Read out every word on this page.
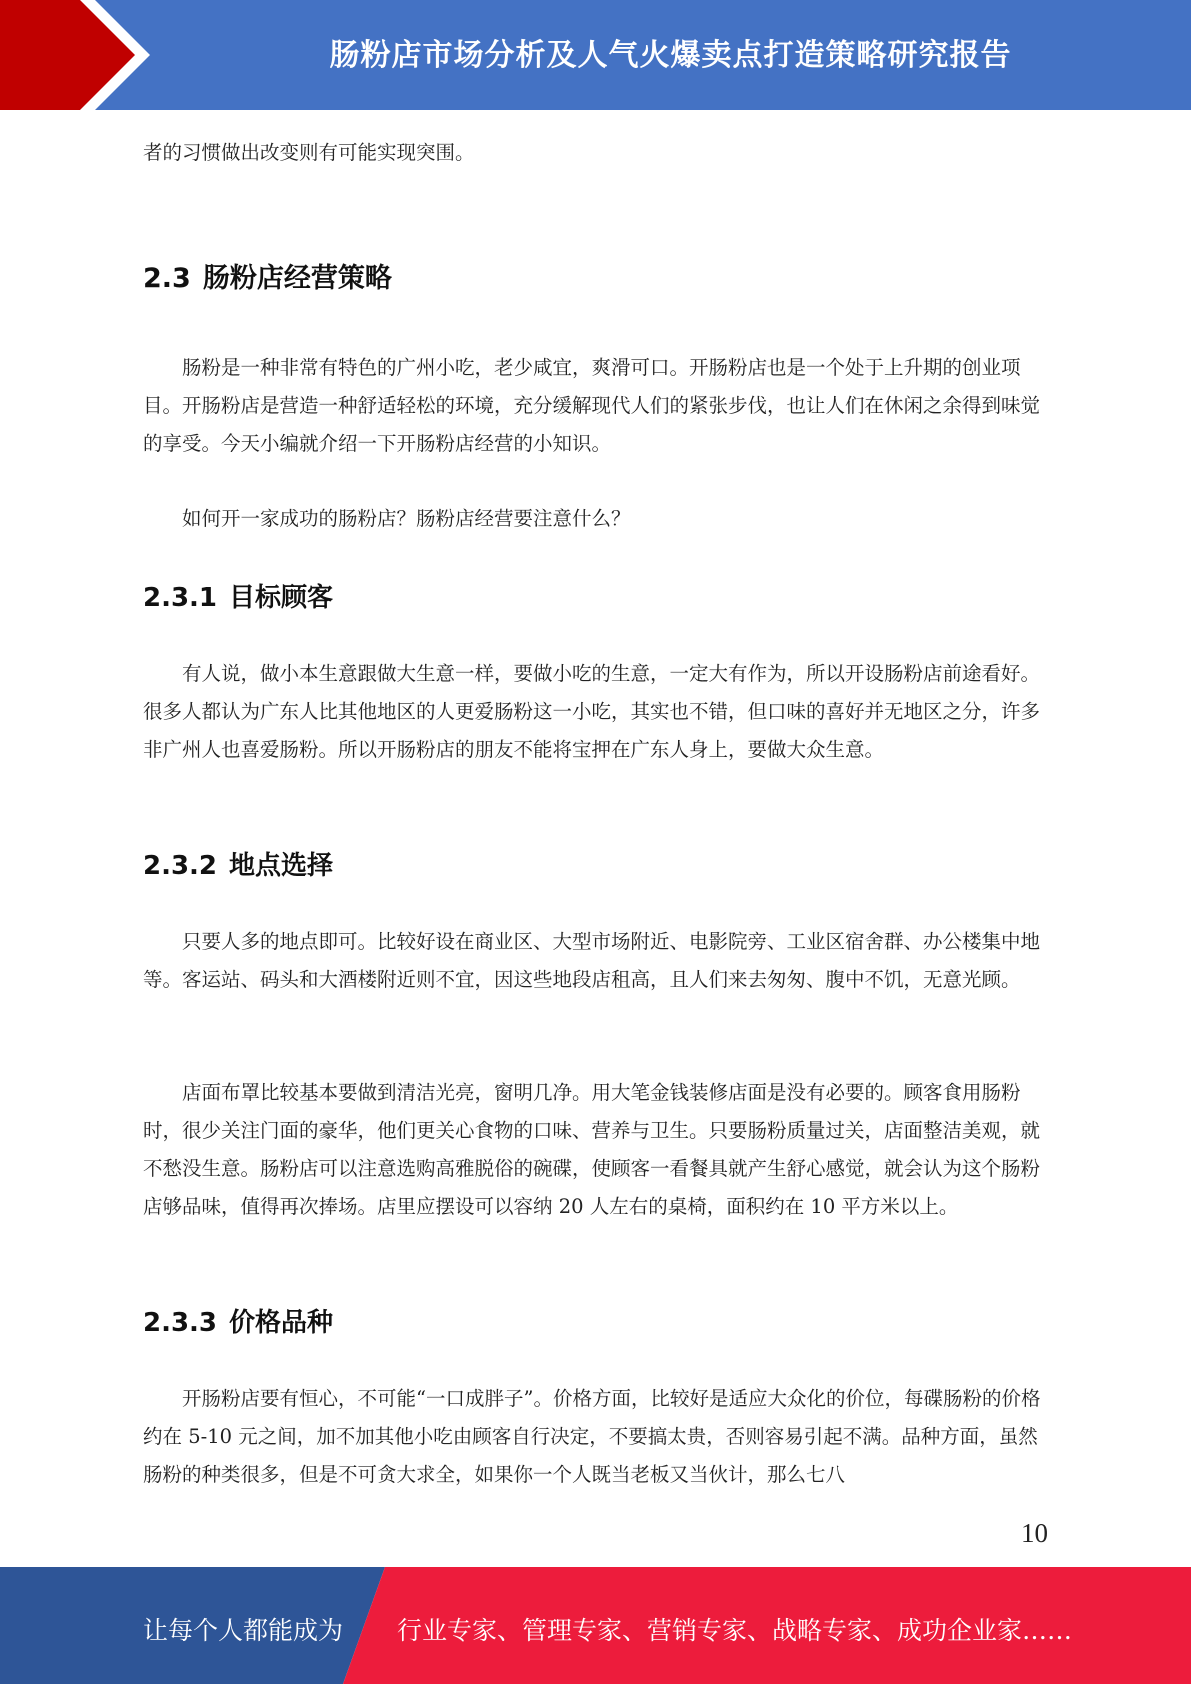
肠粉店市场分析及人气火爆卖点打造策略研究报告

者的习惯做出改变则有可能实现突围。

2.3 肠粉店经营策略

肠粉是一种非常有特色的广州小吃，老少咸宜，爽滑可口。开肠粉店也是一个处于上升期的创业项目。开肠粉店是营造一种舒适轻松的环境，充分缓解现代人们的紧张步伐，也让人们在休闲之余得到味觉的享受。今天小编就介绍一下开肠粉店经营的小知识。

如何开一家成功的肠粉店？肠粉店经营要注意什么？

2.3.1 目标顾客

有人说，做小本生意跟做大生意一样，要做小吃的生意，一定大有作为，所以开设肠粉店前途看好。很多人都认为广东人比其他地区的人更爱肠粉这一小吃，其实也不错，但口味的喜好并无地区之分，许多非广州人也喜爱肠粉。所以开肠粉店的朋友不能将宝押在广东人身上，要做大众生意。

2.3.2 地点选择

只要人多的地点即可。比较好设在商业区、大型市场附近、电影院旁、工业区宿舍群、办公楼集中地等。客运站、码头和大酒楼附近则不宜，因这些地段店租高，且人们来去匆匆、腹中不饥，无意光顾。

店面布罩比较基本要做到清洁光亮，窗明几净。用大笔金钱装修店面是没有必要的。顾客食用肠粉时，很少关注门面的豪华，他们更关心食物的口味、营养与卫生。只要肠粉质量过关，店面整洁美观，就不愁没生意。肠粉店可以注意选购高雅脱俗的碗碟，使顾客一看餐具就产生舒心感觉，就会认为这个肠粉店够品味，值得再次捧场。店里应摆设可以容纳 20 人左右的桌椅，面积约在 10 平方米以上。

2.3.3 价格品种

开肠粉店要有恒心，不可能“一口成胖子”。价格方面，比较好是适应大众化的价位，每碟肠粉的价格约在 5-10 元之间，加不加其他小吃由顾客自行决定，不要搞太贵，否则容易引起不满。品种方面，虽然肠粉的种类很多，但是不可贪大求全，如果你一个人既当老板又当伙计，那么七八

10
让每个人都能成为 行业专家、管理专家、营销专家、战略专家、成功企业家……
